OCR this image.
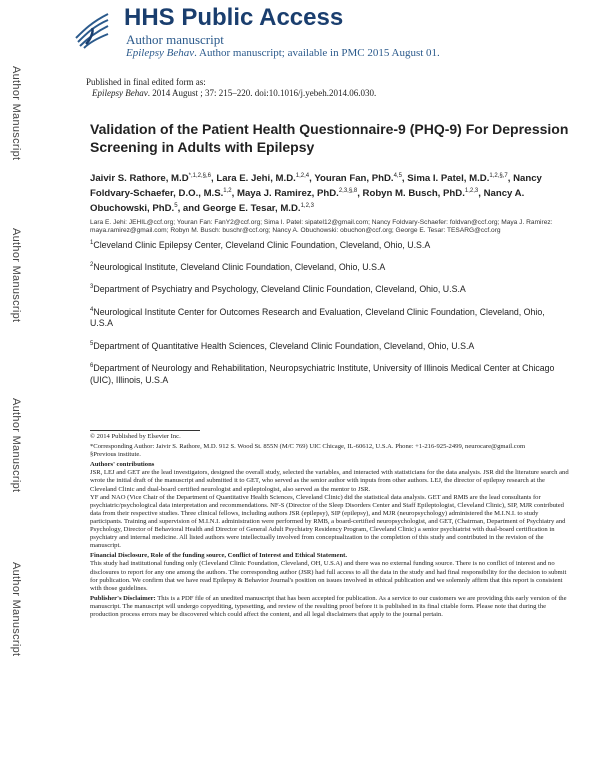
Author Manuscript
Author Manuscript
Author Manuscript
Author Manuscript
HHS Public Access
Author manuscript
Epilepsy Behav. Author manuscript; available in PMC 2015 August 01.
Published in final edited form as:
Epilepsy Behav. 2014 August ; 37: 215–220. doi:10.1016/j.yebeh.2014.06.030.
Validation of the Patient Health Questionnaire-9 (PHQ-9) For Depression Screening in Adults with Epilepsy

Jaivir S. Rathore, $M.D^{*,1,2,\S,6}$, Lara E. Jehi, M.D.$^{1,2,4}$, Youran Fan, PhD.$^{4,5}$, Sima I. Patel, M.D.$^{1,2,\S,7}$, Nancy Foldvary-Schaefer, D.O., M.S.$^{1,2}$, Maya J. Ramirez, PhD.$^{2,3,\S,8}$, Robyn M. Busch, PhD.$^{1,2,3}$, Nancy A. Obuchowski, PhD.$^5$, and George E. Tesar, M.D.$^{1,2,3}$

Lara E. Jehi: JEHIL@ccf.org; Youran Fan: FanY2@ccf.org; Sima I. Patel: sipatel12@gmail.com; Nancy Foldvary-Schaefer: foldvan@ccf.org; Maya J. Ramirez: maya.ramirez@gmail.com; Robyn M. Busch: buschr@ccf.org; Nancy A. Obuchowski: obuchon@ccf.org; George E. Tesar: TESARG@ccf.org

$^1$Cleveland Clinic Epilepsy Center, Cleveland Clinic Foundation, Cleveland, Ohio, U.S.A

$^2$Neurological Institute, Cleveland Clinic Foundation, Cleveland, Ohio, U.S.A

$^3$Department of Psychiatry and Psychology, Cleveland Clinic Foundation, Cleveland, Ohio, U.S.A

$^4$Neurological Institute Center for Outcomes Research and Evaluation, Cleveland Clinic Foundation, Cleveland, Ohio, U.S.A

$^5$Department of Quantitative Health Sciences, Cleveland Clinic Foundation, Cleveland, Ohio, U.S.A

$^6$Department of Neurology and Rehabilitation, Neuropsychiatric Institute, University of Illinois Medical Center at Chicago (UIC), Illinois, U.S.A

© 2014 Published by Elsevier Inc.

*Corresponding Author: Jaivir S. Rathore, M.D. 912 S. Wood St. 855N (M/C 769) UIC Chicage, IL-60612, U.S.A. Phone: +1-216-925-2499, neurocare@gmail.com

§Previous institute.

Authors' contributions

JSR, LEJ and GET are the lead investigators, designed the overall study, selected the variables, and interacted with statisticians for the data analysis. JSR did the literature search and wrote the initial draft of the manuscript and submitted it to GET, who served as the senior author with inputs from other authors. LEJ, the director of epilepsy research at the Cleveland Clinic and dual-board certified neurologist and epileptologist, also served as the mentor to JSR.

YF and NAO (Vice Chair of the Department of Quantitative Health Sciences, Cleveland Clinic) did the statistical data analysis. GET and RMB are the lead consultants for psychiatric/psychological data interpretation and recommendations. NF-S (Director of the Sleep Disorders Center and Staff Epileptologist, Cleveland Clinic), SIP, MJR contributed data from their respective studies. Three clinical fellows, including authors JSR (epilepsy), SIP (epilepsy), and MJR (neuropsychology) administered the M.I.N.I. to study participants. Training and supervision of M.I.N.I. administration were performed by RMB, a board-certified neuropsychologist, and GET, (Chairman, Department of Psychiatry and Psychology, Director of Behavioral Health and Director of General Adult Psychiatry Residency Program, Cleveland Clinic) a senior psychiatrist with dual-board certification in psychiatry and internal medicine. All listed authors were intellectually involved from conceptualization to the completion of this study and contributed in the revision of the manuscript.

Financial Disclosure, Role of the funding source, Conflict of Interest and Ethical Statement.

This study had institutional funding only (Cleveland Clinic Foundation, Cleveland, OH, U.S.A) and there was no external funding source. There is no conflict of interest and no disclosures to report for any one among the authors. The corresponding author (JSR) had full access to all the data in the study and had final responsibility for the decision to submit for publication. We confirm that we have read Epilepsy & Behavior Journal's position on issues involved in ethical publication and we solemnly affirm that this report is consistent with those guidelines.

Publisher's Disclaimer: This is a PDF file of an unedited manuscript that has been accepted for publication. As a service to our customers we are providing this early version of the manuscript. The manuscript will undergo copyediting, typesetting, and review of the resulting proof before it is published in its final citable form. Please note that during the production process errors may be discovered which could affect the content, and all legal disclaimers that apply to the journal pertain.
